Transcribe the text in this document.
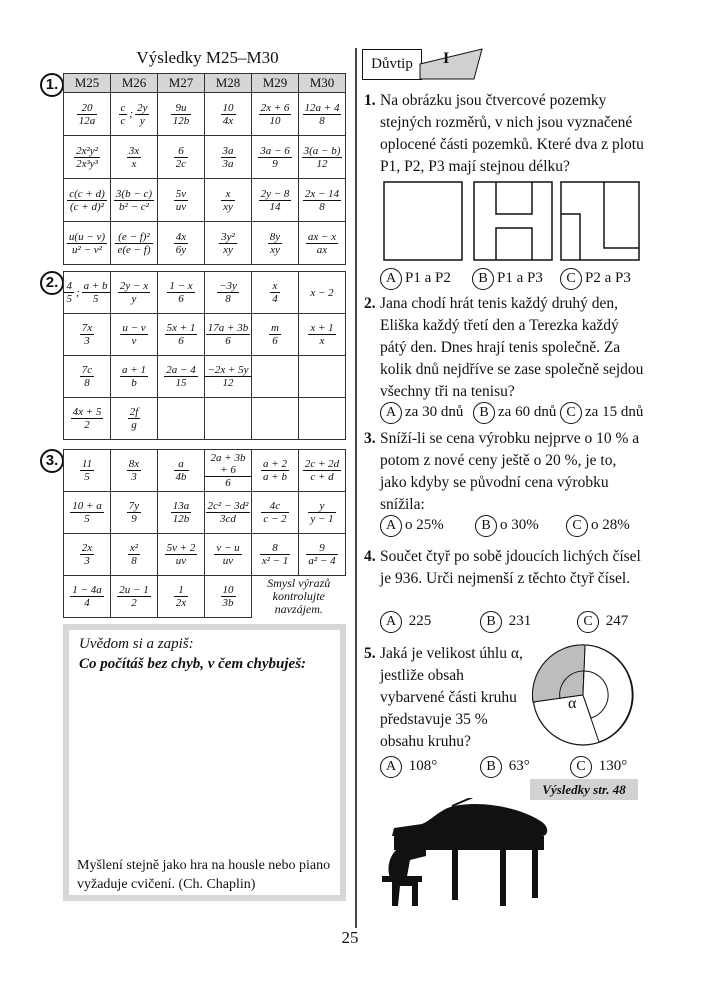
Výsledky M25–M30
1.	M25	M26	M27	M28	M29	M30

$\frac{20}{12a}$	$\frac{c}{c}$ ; $\frac{2y}{y}$	$\frac{9u}{12b}$	$\frac{10}{4x}$	$\frac{2x + 6}{10}$	$\frac{12a + 4}{8}$

$\frac{\text{2x²y²}}{\text{2x³y³}}$	$\frac{3x}{x}$	$\frac{6}{2c}$	$\frac{3a}{3a}$	$\frac{3a - 6}{9}$	$\frac{3(a - b)}{12}$

$\frac{c(c + d)}{\text{(c + d)²}}$	$\frac{3(b - c)}{\text{b² − c²}}$	$\frac{5v}{uv}$	$\frac{x}{xy}$	$\frac{2y - 8}{14}$	$\frac{2x - 14}{8}$

$\frac{u(u - v)}{\text{u² − v²}}$	$\frac{\text{(e − f)²}}{e(e - f)}$	$\frac{4x}{6y}$	$\frac{\text{3y²}}{xy}$	$\frac{8y}{xy}$	$\frac{ax - x}{ax}$
2. $\frac{4}{5}$ ; $\frac{a + b}{5}$	$\frac{2y - x}{y}$	$\frac{1 - x}{6}$	$\frac{-3y}{8}$	$\frac{x}{4}$	x − 2

$\frac{7x}{3}$	$\frac{u - v}{v}$	$\frac{5x + 1}{6}$	$\frac{17a + 3b}{6}$	$\frac{m}{6}$	$\frac{x + 1}{x}$

$\frac{7c}{8}$	$\frac{a + 1}{b}$	$\frac{2a - 4}{15}$	$\frac{-2x + 5y}{12}$

$\frac{4x + 5}{2}$	$\frac{2f}{g}$

3.	$\frac{11}{5}$	$\frac{8x}{3}$	$\frac{a}{4b}$	$\frac{2a + 3b + 6}{6}$	$\frac{a + 2}{a + b}$	$\frac{2c + 2d}{c + d}$

$\frac{10 + a}{5}$	$\frac{7y}{9}$	$\frac{13a}{12b}$	$\frac{\text{2c² − 3d²}}{3cd}$	$\frac{4c}{c - 2}$	$\frac{y}{y - 1}$

$\frac{2x}{3}$	$\frac{\text{x²}}{8}$	$\frac{5v + 2}{uv}$	$\frac{v - u}{uv}$	$\frac{8}{\text{x² − 1}}$	$\frac{9}{\text{a² − 4}}$

$\frac{1 - 4a}{4}$	$\frac{2u - 1}{2}$	$\frac{1}{2x}$	$\frac{10}{3b}$	Smysl výrazů kontrolujte navzájem.	
Uvědom si a zapiš:
Co počítáš bez chyb, v čem chybuješ:
Myšlení stejně jako hra na housle nebo piano vyžaduje cvičení. (Ch. Chaplin)
Důvtip	I
1. Na obrázku jsou čtvercové pozemky stejných rozměrů, v nich jsou vyznačené oplocené části pozemků. Které dva z plotu P1, P2, P3 mají stejnou délku?
A P1 a P2	B P1 a P3	C P2 a P3
2. Jana chodí hrát tenis každý druhý den, Eliška každý třetí den a Terezka každý pátý den. Dnes hrají tenis společně. Za kolik dnů nejdříve se zase společně sejdou všechny tři na tenisu?
A za 30 dnů	B za 60 dnů C za 15 dnů
3. Sníží-li se cena výrobku nejprve o 10 % a potom z nové ceny ještě o 20 %, je to, jako kdyby se původní cena výrobku snížila:
A o 25%	B o 30%	C o 28%
4. Součet čtyř po sobě jdoucích lichých čísel je 936. Urči nejmenší z těchto čtyř čísel.
A 225	B 231	C 247
5. Jaká je velikost úhlu α, jestliže obsah vybarvené části kruhu představuje 35 % obsahu kruhu?
α
A 108°	B 63°	C 130°
Výsledky str. 48
25
